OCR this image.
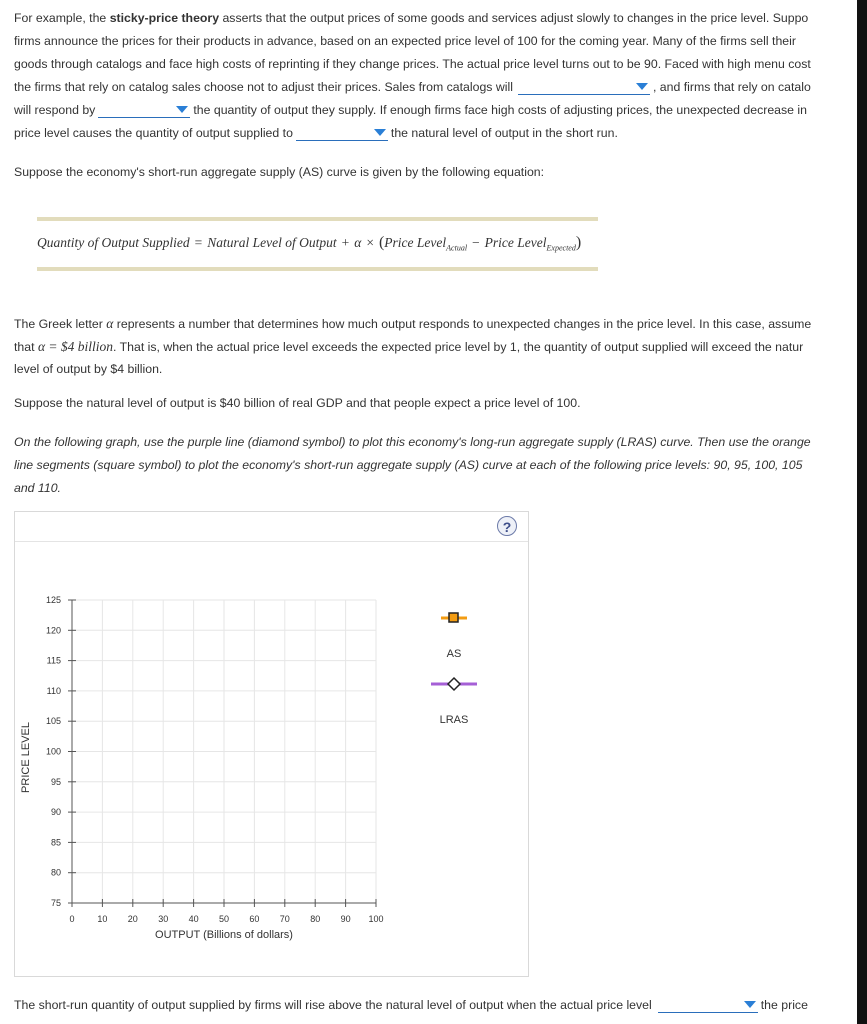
For example, the sticky-price theory asserts that the output prices of some goods and services adjust slowly to changes in the price level. Suppo
firms announce the prices for their products in advance, based on an expected price level of 100 for the coming year. Many of the firms sell their
goods through catalogs and face high costs of reprinting if they change prices. The actual price level turns out to be 90. Faced with high menu cost
the firms that rely on catalog sales choose not to adjust their prices. Sales from catalogs will	, and firms that rely on catalo
will respond by	the quantity of output they supply. If enough firms face high costs of adjusting prices, the unexpected decrease in
price level causes the quantity of output supplied to	the natural level of output in the short run.
Suppose the economy's short-run aggregate supply (AS) curve is given by the following equation:
Quantity of Output Supplied = Natural Level of Output + α × (Price Level$_{Actual}$ − Price Level$_{Expected}$)
The Greek letter α represents a number that determines how much output responds to unexpected changes in the price level. In this case, assume
that α = $4 billion. That is, when the actual price level exceeds the expected price level by 1, the quantity of output supplied will exceed the natur
level of output by $4 billion.
Suppose the natural level of output is $40 billion of real GDP and that people expect a price level of 100.
On the following graph, use the purple line (diamond symbol) to plot this economy's long-run aggregate supply (LRAS) curve. Then use the orange
line segments (square symbol) to plot the economy's short-run aggregate supply (AS) curve at each of the following price levels: 90, 95, 100, 105
and 110.
?
0	10 20 30 40 50 60 70 80 90 100
75
80
85
90
95
100
105
110
115
120
125
OUTPUT (Billions of dollars)
PRICE LEVEL
AS
LRAS
The short-run quantity of output supplied by firms will rise above the natural level of output when the actual price level	the price
